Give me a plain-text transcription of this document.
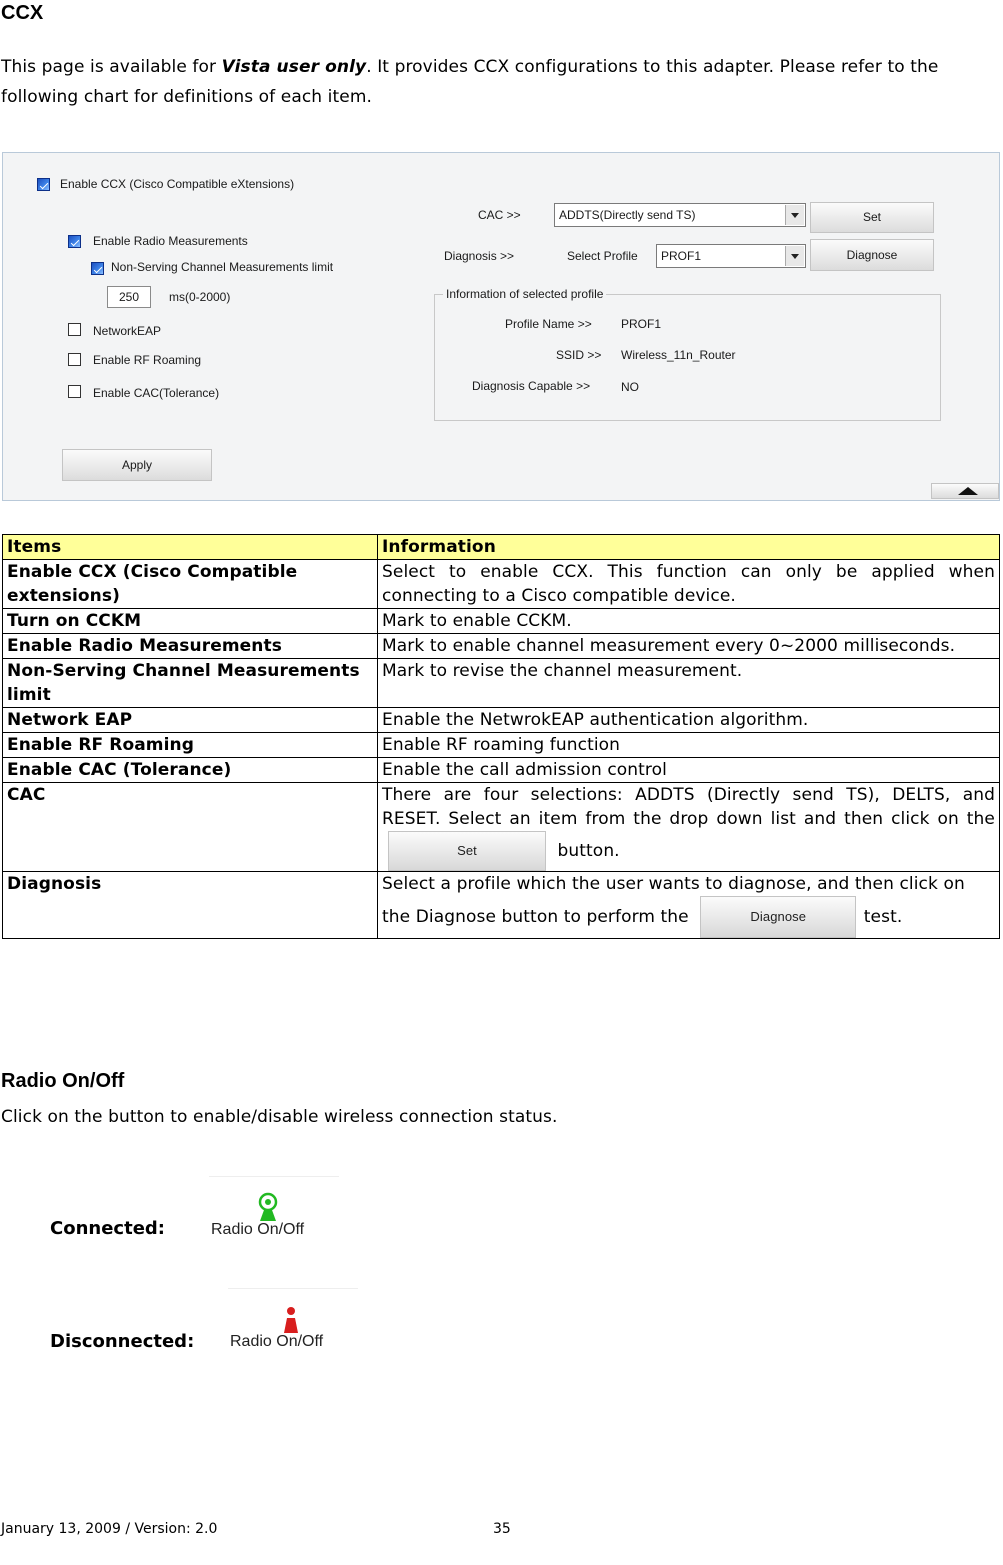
CCX

This page is available for Vista user only. It provides CCX configurations to this adapter. Please refer to the following chart for definitions of each item.

Enable CCX (Cisco Compatible eXtensions)
Enable Radio Measurements
Non-Serving Channel Measurements limit
250	ms(0-2000)
NetworkEAP
Enable RF Roaming
Enable CAC(Tolerance)
Apply
CAC >>	ADDTS(Directly send TS)	Set
Diagnosis >>	Select Profile	PROF1	Diagnose
Information of selected profile
Profile Name >> PROF1
SSID >> Wireless_11n_Router
Diagnosis Capable >>	NO
Items	Information
Enable CCX (Cisco Compatible extensions)	Select to enable CCX. This function can only be applied when connecting to a Cisco compatible device.
Turn on CCKM	Mark to enable CCKM.
Enable Radio Measurements	Mark to enable channel measurement every 0~2000 milliseconds.
Non-Serving Channel Measurements limit	Mark to revise the channel measurement.
Network EAP	Enable the NetwrokEAP authentication algorithm.
Enable RF Roaming	Enable RF roaming function
Enable CAC (Tolerance)	Enable the call admission control
CAC	There are four selections: ADDTS (Directly send TS), DELTS, and RESET. Select an item from the drop down list and then click on the Set button.
Diagnosis	Select a profile which the user wants to diagnose, and then click on the Diagnose button to perform the Diagnose test.
Radio On/Off

Click on the button to enable/disable wireless connection status.

Connected:	Radio On/Off
Disconnected: Radio On/Off
January 13, 2009 / Version: 2.0	35
